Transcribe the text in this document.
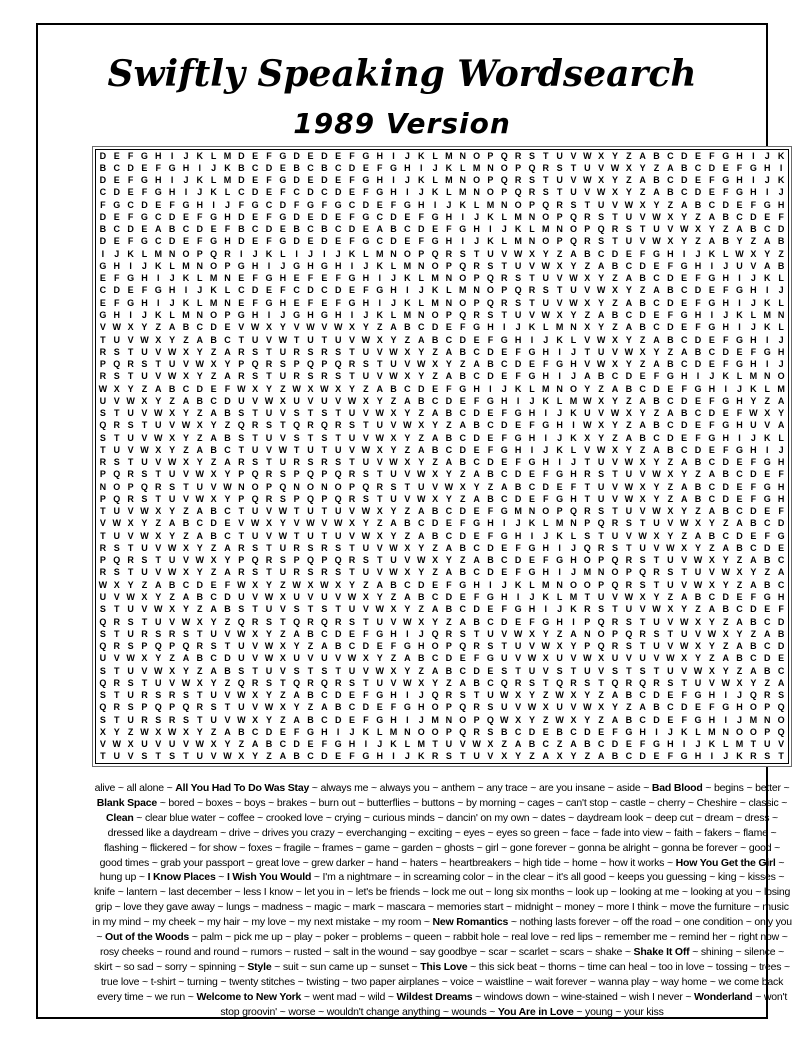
Swiftly Speaking Wordsearch
1989 Version
D E F G H	I	J K L M D E F G D E D E F G H	I	J K L M N O P Q R S T U V W X Y Z A B C D E F G H	I	J K
B C D E F G H	I	J K B C D E B C B C D E F G H	I	J K L M N O P Q R S T U V W X Y Z A B C D E F G H	I
D E F G H	I	J K L M D E F G D E D E F G H	I	J K L M N O P Q R S T U V W X Y Z A B C D E F G H	I	J K
C D E F G H	I	J K L C D E F C D C D E F G H	I	J K L M N O P Q R S T U V W X Y Z A B C D E F G H	I	J
F G C D E F G H	I	J F G C D F G F G C D E F G H	I	J K L M N O P Q R S T U V W X Y Z A B C D E F G H
D E F G C D E F G H D E F G D E D E F G C D E F G H	I	J K L M N O P Q R S T U V W X Y Z A B C D E F
B C D E A B C D E F B C D E B C B C D E A B C D E F G H	I	J K L M N O P Q R S T U V W X Y Z A B C D
D E F G C D E F G H D E F G D E D E F G C D E F G H	I	J K L M N O P Q R S T U V W X Y Z A B Y Z A B
I	J K L M N O P Q R	I	J K L	I	J	I	J K L M N O P Q R S T U V W X Y Z A B C D E F G H	I	J K L W X Y Z
G H	I	J K L M N O P G H	I	J G H G H	I	J K L M N O P Q R S T U V W X Y Z A B C D E F G H	I	J U V A B
E F G H	I	J K L M N E F G H E F E F G H	I	J K L M N O P Q R S T U V W X Y Z A B C D E F G H	I	J K L
C D E F G H	I	J K L C D E F C D C D E F G H	I	J K L M N O P Q R S T U V W X Y Z A B C D E F G H	I	J
E F G H	I	J K L M N E F G H E F E F G H	I	J K L M N O P Q R S T U V W X Y Z A B C D E F G H	I	J K L
G H	I	J K L M N O P G H	I	J G H G H	I	J K L M N O P Q R S T U V W X Y Z A B C D E F G H	I	J K L M N
V W X Y Z A B C D E V W X Y V W V W X Y Z A B C D E F G H	I	J K L M N X Y Z A B C D E F G H	I	J K L
T U V W X Y Z A B C T U V W T U T U V W X Y Z A B C D E F G H	I	J K L V W X Y Z A B C D E F G H	I	J
R S T U V W X Y Z A R S T U R S R S T U V W X Y Z A B C D E F G H	I	J T U V W X Y Z A B C D E F G H
P Q R S T U V W X Y P Q R S P Q P Q R S T U V W X Y Z A B C D E F G H V W X Y Z A B C D E F G H	I	J
R S T U V W X Y Z A R S T U R S R S T U V W X Y Z A B C D E F G H	I	J A B C D E F G H	I	J K L M N O
W X Y Z A B C D E F W X Y Z W X W X Y Z A B C D E F G H	I	J K L M N O Y Z A B C D E F G H	I	J K L M
U V W X Y Z A B C D U V W X U V U V W X Y Z A B C D E F G H	I	J K L M W X Y Z A B C D E F G H Y Z A
S T U V W X Y Z A B S T U V S T S T U V W X Y Z A B C D E F G H	I	J K U V W X Y Z A B C D E F W X Y
Q R S T U V W X Y Z Q R S T Q R Q R S T U V W X Y Z A B C D E F G H	I W X Y Z A B C D E F G H U V A
S T U V W X Y Z A B S T U V S T S T U V W X Y Z A B C D E F G H	I	J K X Y Z A B C D E F G H	I	J K L
T U V W X Y Z A B C T U V W T U T U V W X Y Z A B C D E F G H	I	J K L V W X Y Z A B C D E F G H	I	J
R S T U V W X Y Z A R S T U R S R S T U V W X Y Z A B C D E F G H	I	J T U V W X Y Z A B C D E F G H
P Q R S T U V W X Y P Q R S P Q P Q R S T U V W X Y Z A B C D E F G H R S T U V W X Y Z A B C D E F
N O P Q R S T U V W N O P Q N O N O P Q R S T U V W X Y Z A B C D E F T U V W X Y Z A B C D E F G H
P Q R S T U V W X Y P Q R S P Q P Q R S T U V W X Y Z A B C D E F G H T U V W X Y Z A B C D E F G H
T U V W X Y Z A B C T U V W T U T U V W X Y Z A B C D E F G M N O P Q R S T U V W X Y Z A B C D E F
V W X Y Z A B C D E V W X Y V W V W X Y Z A B C D E F G H	I	J K L M N P Q R S T U V W X Y Z A B C D
T U V W X Y Z A B C T U V W T U T U V W X Y Z A B C D E F G H	I	J K L S T U V W X Y Z A B C D E F G
R S T U V W X Y Z A R S T U R S R S T U V W X Y Z A B C D E F G H	I	J Q R S T U V W X Y Z A B C D E
P Q R S T U V W X Y P Q R S P Q P Q R S T U V W X Y Z A B C D E F G H O P Q R S T U V W X Y Z A B C
R S T U V W X Y Z A R S T U R S R S T U V W X Y Z A B C D E F G H	I	J M N O P Q R S T U V W X Y Z A
W X Y Z A B C D E F W X Y Z W X W X Y Z A B C D E F G H	I	J K L M N O O P Q R S T U V W X Y Z A B C
U V W X Y Z A B C D U V W X U V U V W X Y Z A B C D E F G H	I	J K L M T U V W X Y Z A B C D E F G H
S T U V W X Y Z A B S T U V S T S T U V W X Y Z A B C D E F G H	I	J K R S T U V W X Y Z A B C D E F
Q R S T U V W X Y Z Q R S T Q R Q R S T U V W X Y Z A B C D E F G H	I	P Q R S T U V W X Y Z A B C D
S T U R S R S T U V W X Y Z A B C D E F G H	I	J Q R S T U V W X Y Z A N O P Q R S T U V W X Y Z A B
Q R S P Q P Q R S T U V W X Y Z A B C D E F G H O P Q R S T U V W X Y P Q R S T U V W X Y Z A B C D
U V W X Y Z A B C D U V W X U V U V W X Y Z A B C D E F G U V W X U V W X U V U V W X Y Z A B C D E
S T U V W X Y Z A B S T U V S T S T U V W X Y Z A B C D E S T U V S T U V S T S T U V W X Y Z A B C
Q R S T U V W X Y Z Q R S T Q R Q R S T U V W X Y Z A B C Q R S T Q R S T Q R Q R S T U V W X Y Z A
S T U R S R S T U V W X Y Z A B C D E F G H	I	J Q R S T U W X Y Z W X Y Z A B C D E F G H	I	J Q R S
Q R S P Q P Q R S T U V W X Y Z A B C D E F G H O P Q R S U V W X U V W X Y Z A B C D E F G H O P Q
S T U R S R S T U V W X Y Z A B C D E F G H	I	J M N O P Q W X Y Z W X Y Z A B C D E F G H	I	J M N O
X Y Z W X W X Y Z A B C D E F G H	I	J K L M N O O P Q R S B C D E B C D E F G H	I	J K L M N O O P Q
V W X U V U V W X Y Z A B C D E F G H	I	J K L M T U V W X Z A B C Z A B C D E F G H	I	J K L M T U V
T U V S T S T U V W X Y Z A B C D E F G H	I	J K R S T U V X Y Z A X Y Z A B C D E F G H	I	J K R S T
alive ~ all alone ~ All You Had To Do Was Stay ~ always me ~ always you ~ anthem ~ any trace ~ are you insane ~ aside ~ Bad Blood ~ begins ~ better ~ Blank Space ~ bored ~ boxes ~ boys ~ brakes ~ burn out ~ butterflies ~ buttons ~ by morning ~ cages ~ can't stop ~ castle ~ cherry ~ Cheshire ~ classic ~ Clean ~ clear blue water ~ coffee ~ crooked love ~ crying ~ curious minds ~ dancin' on my own ~ dates ~ daydream look ~ deep cut ~ dream ~ dress ~ dressed like a daydream ~ drive ~ drives you crazy ~ everchanging ~ exciting ~ eyes ~ eyes so green ~ face ~ fade into view ~ faith ~ fakers ~ flame ~ flashing ~ flickered ~ for show ~ foxes ~ fragile ~ frames ~ game ~ garden ~ ghosts ~ girl ~ gone forever ~ gonna be alright ~ gonna be forever ~ good ~ good times ~ grab your passport ~ great love ~ grew darker ~ hand ~ haters ~ heartbreakers ~ high tide ~ home ~ how it works ~ How You Get the Girl ~ hung up ~ I Know Places ~ I Wish You Would ~ I'm a nightmare ~ in screaming color ~ in the clear ~ it's all good ~ keeps you guessing ~ king ~ kisses ~ knife ~ lantern ~ last december ~ less I know ~ let you in ~ let's be friends ~ lock me out ~ long six months ~ look up ~ looking at me ~ looking at you ~ losing grip ~ love they gave away ~ lungs ~ madness ~ magic ~ mark ~ mascara ~ memories start ~ midnight ~ money ~ more I think ~ move the furniture ~ music in my mind ~ my cheek ~ my hair ~ my love ~ my next mistake ~ my room ~ New Romantics ~ nothing lasts forever ~ off the road ~ one condition ~ only you ~ Out of the Woods ~ palm ~ pick me up ~ play ~ poker ~ problems ~ queen ~ rabbit hole ~ real love ~ red lips ~ remember me ~ remind her ~ right now ~ rosy cheeks ~ round and round ~ rumors ~ rusted ~ salt in the wound ~ say goodbye ~ scar ~ scarlet ~ scars ~ shake ~ Shake It Off ~ shining ~ silence ~ skirt ~ so sad ~ sorry ~ spinning ~ Style ~ suit ~ sun came up ~ sunset ~ This Love ~ this sick beat ~ thorns ~ time can heal ~ too in love ~ tossing ~ trees ~ true love ~ t-shirt ~ turning ~ twenty stitches ~ twisting ~ two paper airplanes ~ voice ~ waistline ~ wait forever ~ wanna play ~ way home ~ we come back every time ~ we run ~ Welcome to New York ~ went mad ~ wild ~ Wildest Dreams ~ windows down ~ wine-stained ~ wish I never ~ Wonderland ~ won't stop groovin' ~ worse ~ wouldn't change anything ~ wounds ~ You Are in Love ~ young ~ your kiss
